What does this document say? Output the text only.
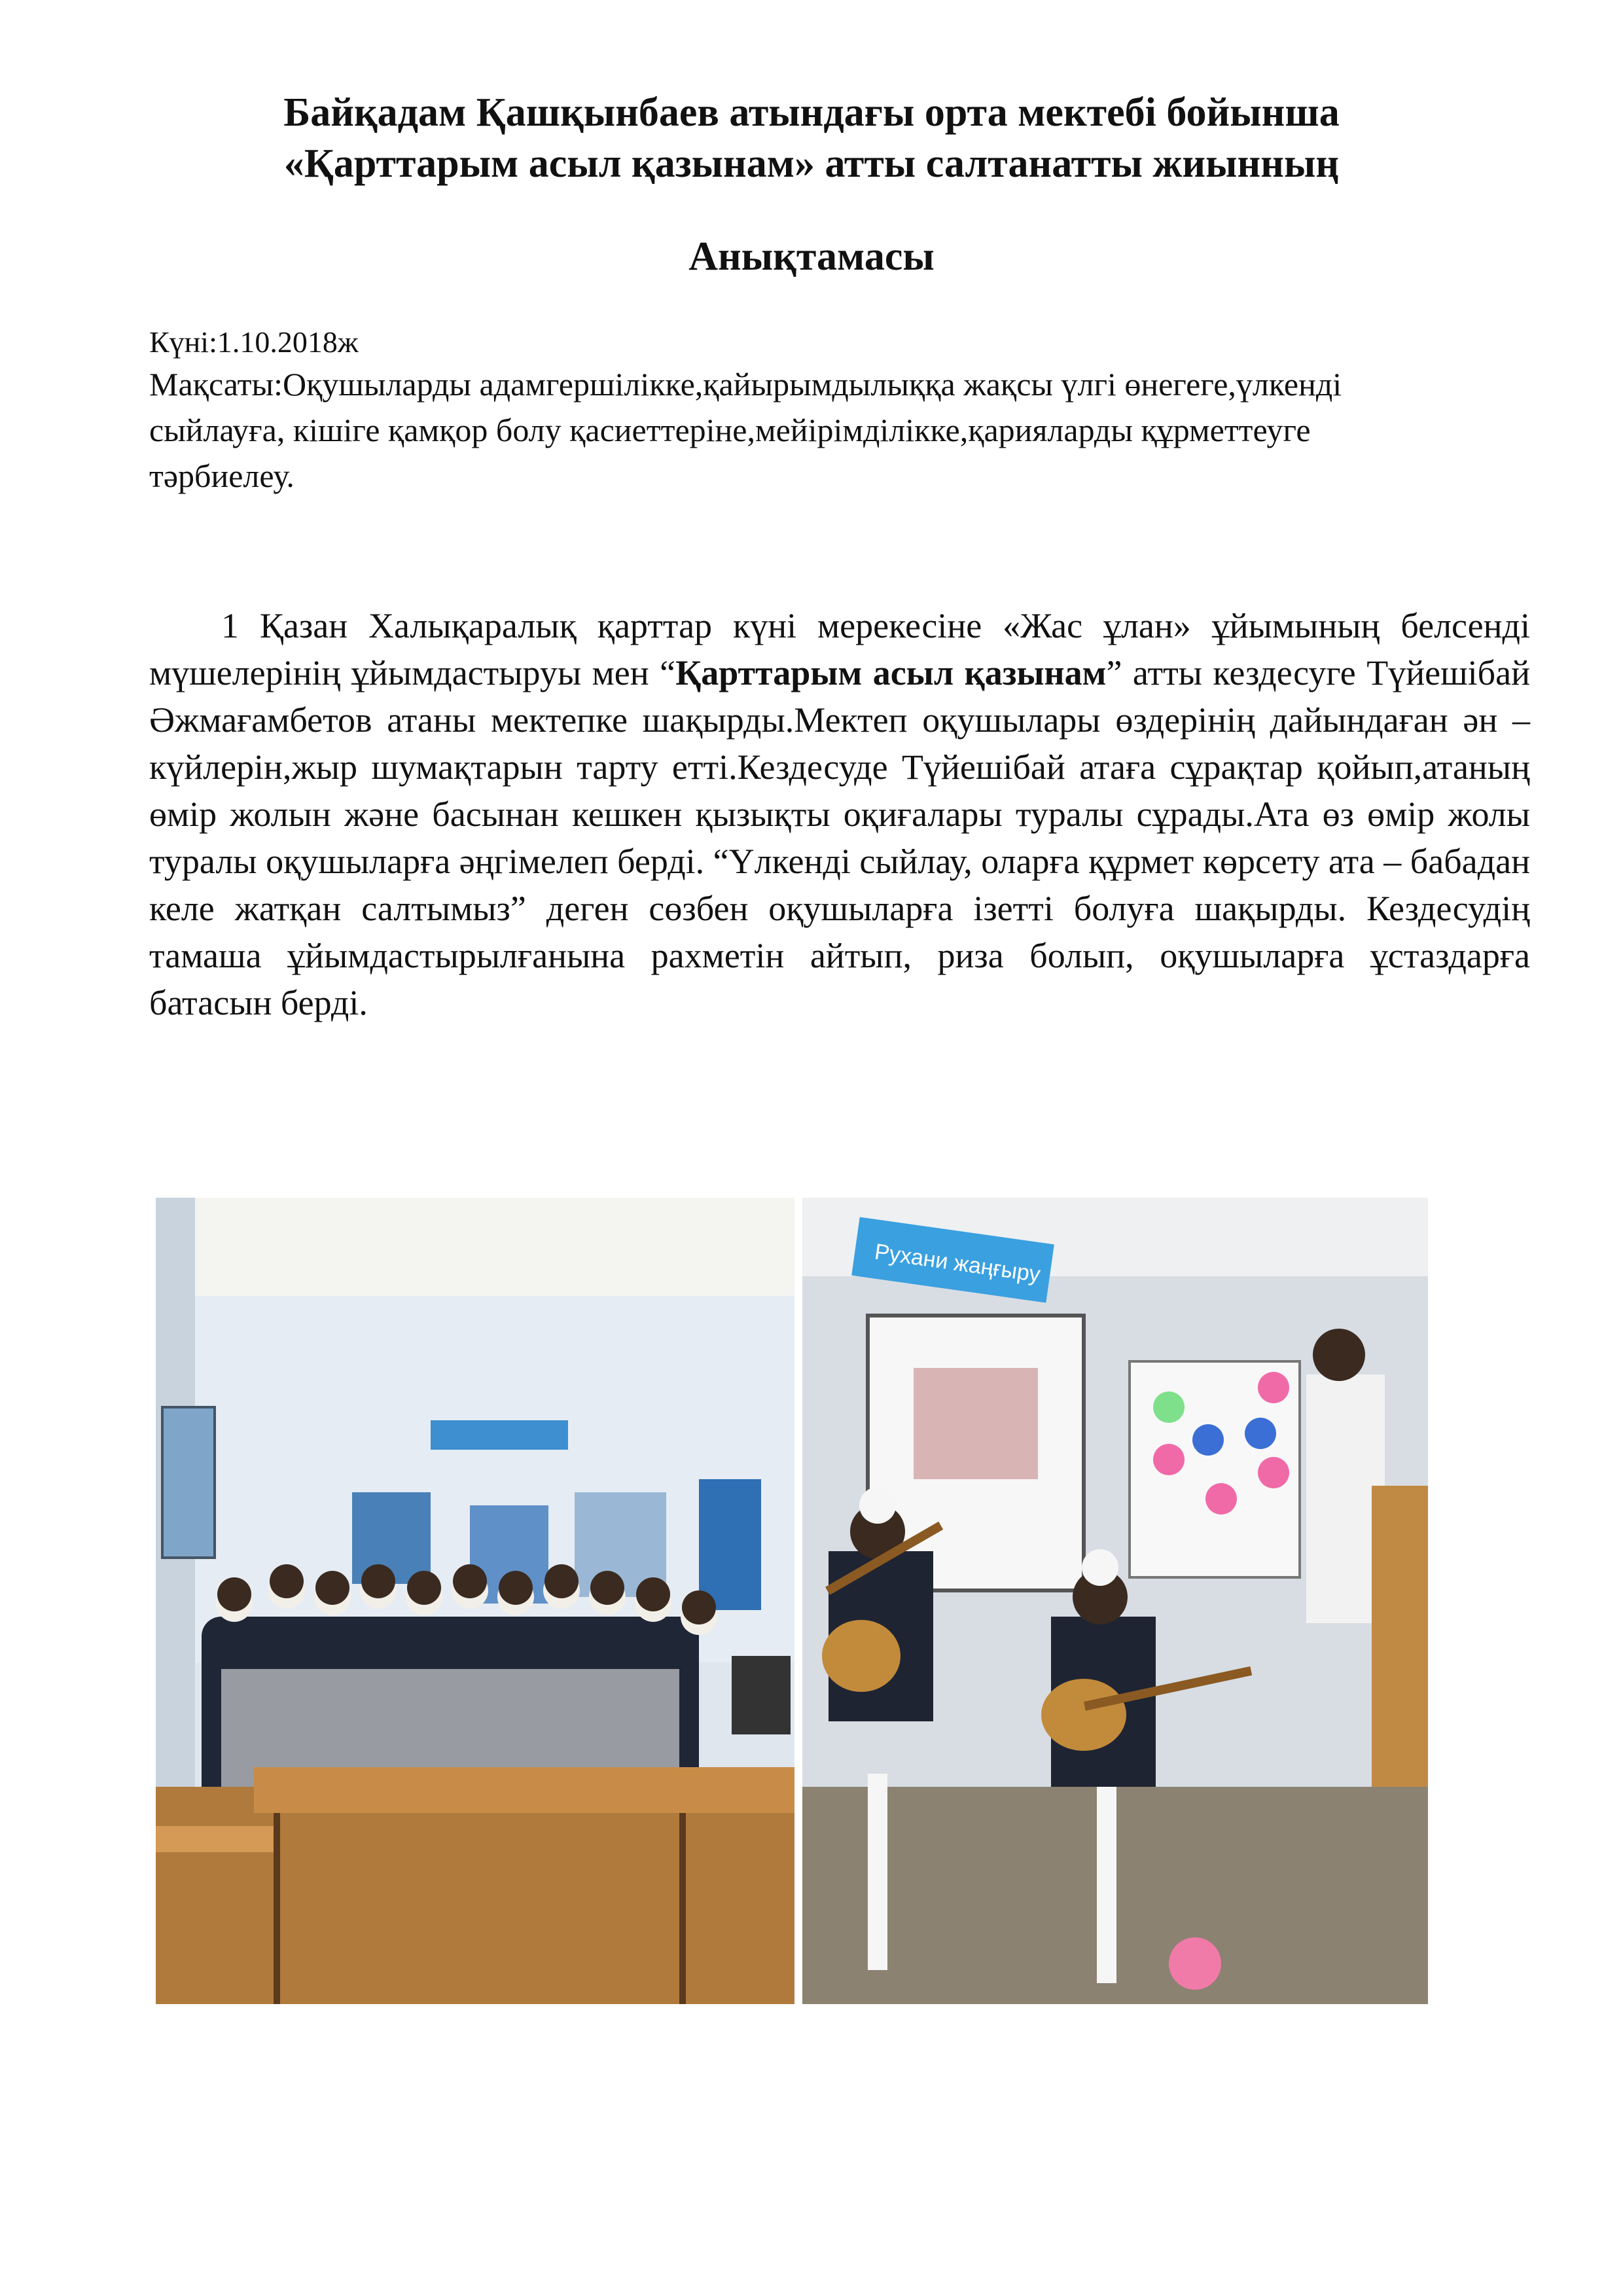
Байқадам Қашқынбаев атындағы орта мектебі бойынша
«Қарттарым асыл қазынам» атты салтанатты жиынның
Анықтамасы
Күні:1.10.2018ж
Мақсаты:Оқушыларды адамгершілікке,қайырымдылыққа жақсы үлгі өнегеге,үлкенді сыйлауға, кішіге қамқор болу қасиеттеріне,мейірімділікке,қарияларды құрметтеуге тәрбиелеу.
1 Қазан Халықаралық қарттар күні мерекесіне «Жас ұлан» ұйымының белсенді мүшелерінің ұйымдастыруы мен “Қарттарым асыл қазынам” атты кездесуге Түйешібай Әжмағамбетов атаны мектепке шақырды.Мектеп оқушылары өздерінің дайындаған ән –күйлерін,жыр шумақтарын тарту етті.Кездесуде Түйешібай атаға сұрақтар қойып,атаның өмір жолын және басынан кешкен қызықты оқиғалары туралы сұрады.Ата өз өмір жолы туралы оқушыларға әңгімелеп берді. “Үлкенді сыйлау, оларға құрмет көрсету ата – бабадан келе жатқан салтымыз” деген сөзбен оқушыларға ізетті болуға шақырды. Кездесудің тамаша ұйымдастырылғанына рахметін айтып, риза болып, оқушыларға ұстаздарға батасын берді.
Рухани жаңғыру
